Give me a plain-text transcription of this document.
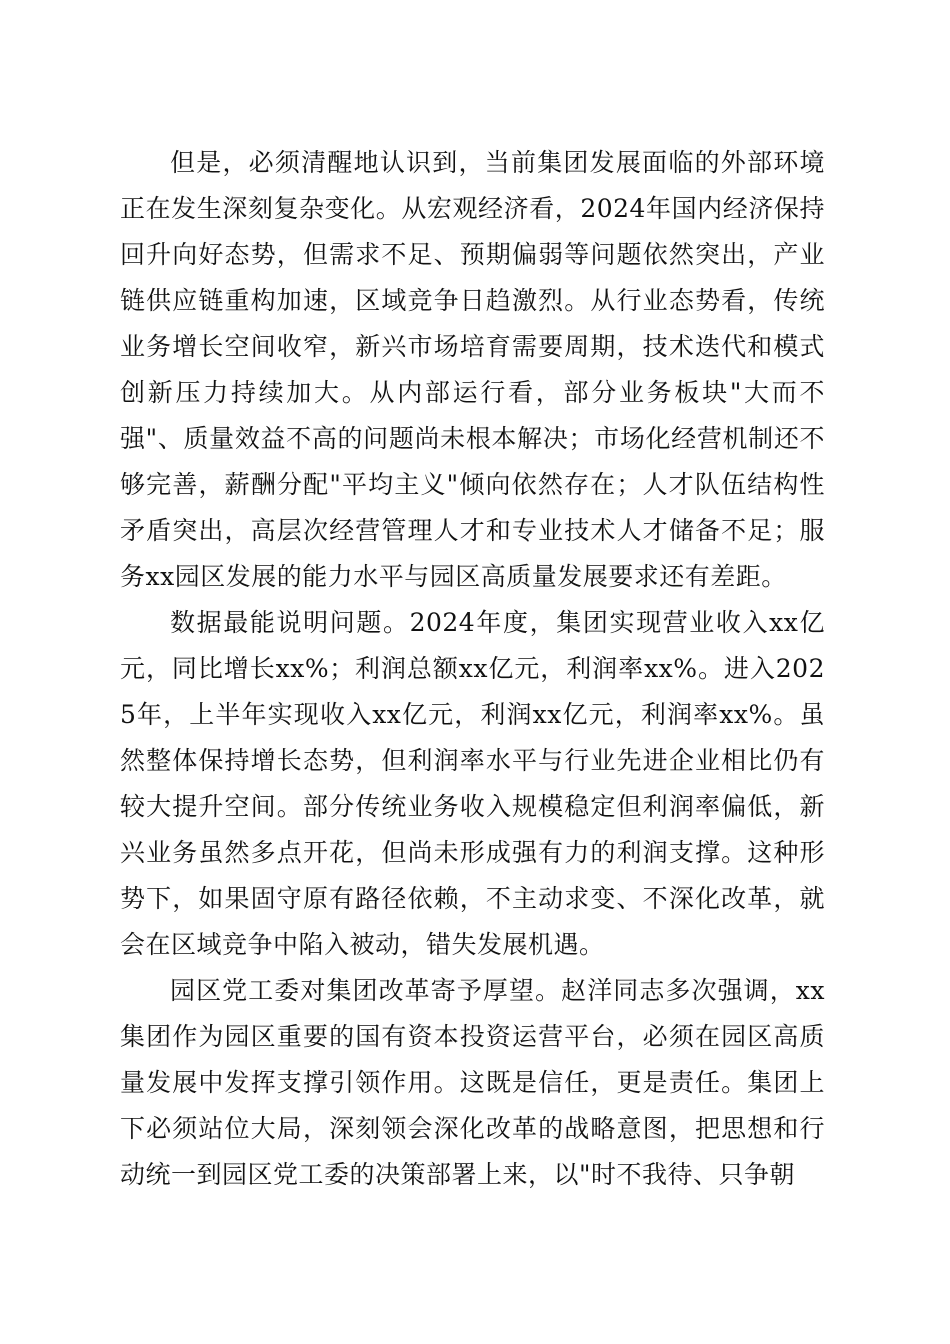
但是，必须清醒地认识到，当前集团发展面临的外部环境正在发生深刻复杂变化。从宏观经济看，2024年国内经济保持回升向好态势，但需求不足、预期偏弱等问题依然突出，产业链供应链重构加速，区域竞争日趋激烈。从行业态势看，传统业务增长空间收窄，新兴市场培育需要周期，技术迭代和模式创新压力持续加大。从内部运行看，部分业务板块"大而不强"、质量效益不高的问题尚未根本解决；市场化经营机制还不够完善，薪酬分配"平均主义"倾向依然存在；人才队伍结构性矛盾突出，高层次经营管理人才和专业技术人才储备不足；服务xx园区发展的能力水平与园区高质量发展要求还有差距。

数据最能说明问题。2024年度，集团实现营业收入xx亿元，同比增长xx%；利润总额xx亿元，利润率xx%。进入2025年，上半年实现收入xx亿元，利润xx亿元，利润率xx%。虽然整体保持增长态势，但利润率水平与行业先进企业相比仍有较大提升空间。部分传统业务收入规模稳定但利润率偏低，新兴业务虽然多点开花，但尚未形成强有力的利润支撑。这种形势下，如果固守原有路径依赖，不主动求变、不深化改革，就会在区域竞争中陷入被动，错失发展机遇。

园区党工委对集团改革寄予厚望。赵洋同志多次强调，xx集团作为园区重要的国有资本投资运营平台，必须在园区高质量发展中发挥支撑引领作用。这既是信任，更是责任。集团上下必须站位大局，深刻领会深化改革的战略意图，把思想和行动统一到园区党工委的决策部署上来，以"时不我待、只争朝
